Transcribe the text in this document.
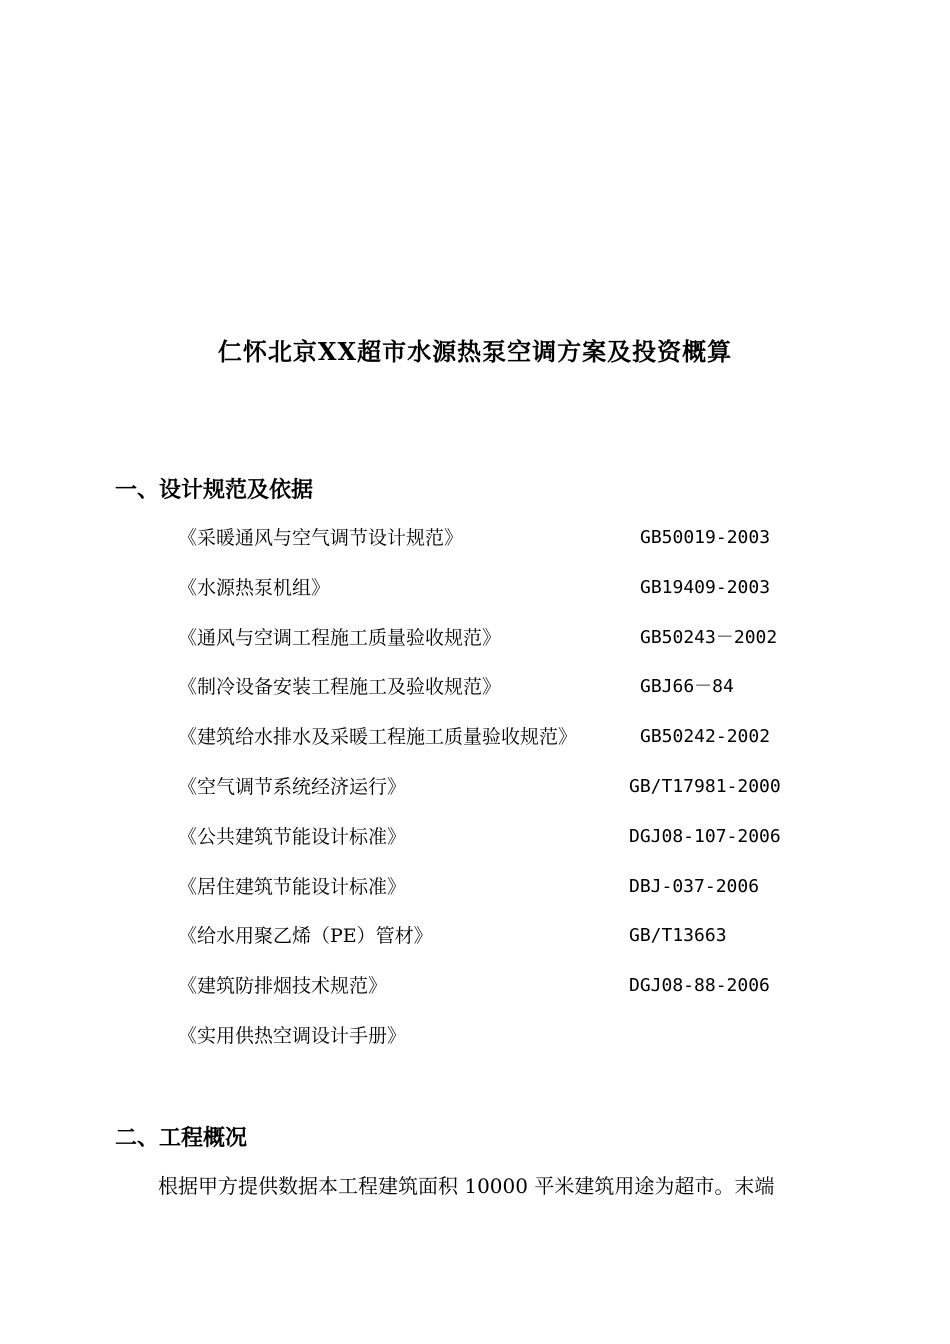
仁怀北京XX超市水源热泵空调方案及投资概算
一、设计规范及依据
《采暖通风与空气调节设计规范》	GB50019-2003
《水源热泵机组》	GB19409-2003
《通风与空调工程施工质量验收规范》	GB50243－2002
《制冷设备安装工程施工及验收规范》	GBJ66－84
《建筑给水排水及采暖工程施工质量验收规范》	GB50242-2002
《空气调节系统经济运行》	GB/T17981-2000
《公共建筑节能设计标准》	DGJ08-107-2006
《居住建筑节能设计标准》	DBJ-037-2006
《给水用聚乙烯（PE）管材》	GB/T13663
《建筑防排烟技术规范》	DGJ08-88-2006
《实用供热空调设计手册》
二、工程概况

根据甲方提供数据本工程建筑面积 10000 平米建筑用途为超市。末端
